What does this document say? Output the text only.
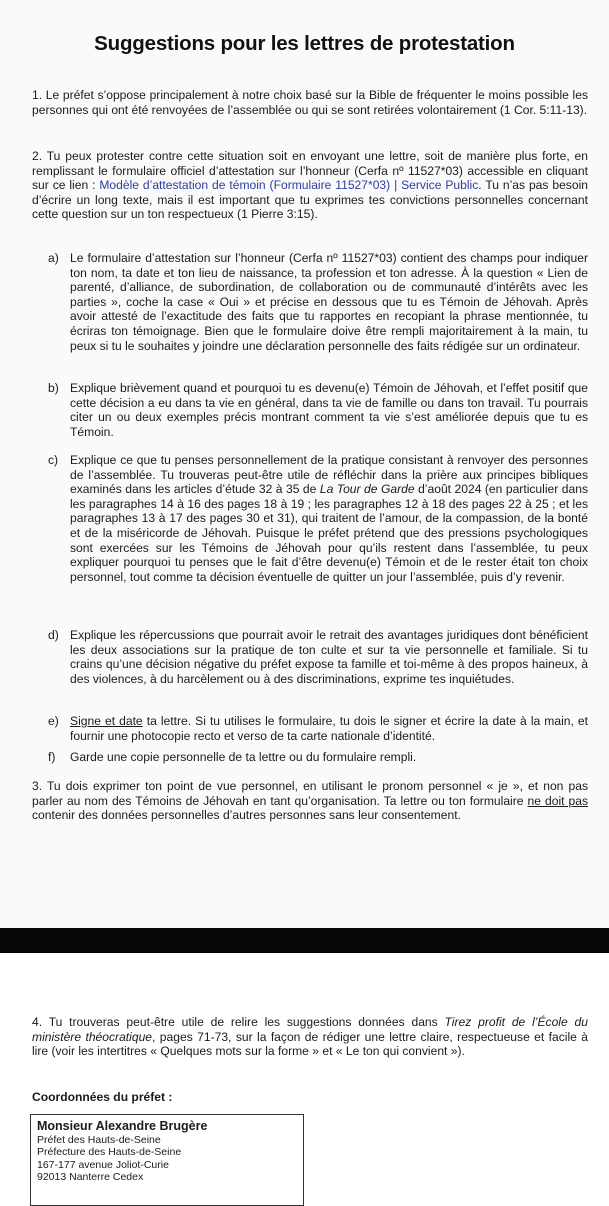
Suggestions pour les lettres de protestation

1. Le préfet s’oppose principalement à notre choix basé sur la Bible de fréquenter le moins possible les personnes qui ont été renvoyées de l’assemblée ou qui se sont retirées volontairement (1 Cor. 5:11-13).

2. Tu peux protester contre cette situation soit en envoyant une lettre, soit de manière plus forte, en remplissant le formulaire officiel d’attestation sur l’honneur (Cerfa nº 11527*03) accessible en cliquant sur ce lien : Modèle d’attestation de témoin (Formulaire 11527*03) | Service Public. Tu n’as pas besoin d’écrire un long texte, mais il est important que tu exprimes tes convictions personnelles concernant cette question sur un ton respectueux (1 Pierre 3:15).

a) Le formulaire d’attestation sur l’honneur (Cerfa nº 11527*03) contient des champs pour indiquer ton nom, ta date et ton lieu de naissance, ta profession et ton adresse. À la question « Lien de parenté, d’alliance, de subordination, de collaboration ou de communauté d’intérêts avec les parties », coche la case « Oui » et précise en dessous que tu es Témoin de Jéhovah. Après avoir attesté de l’exactitude des faits que tu rapportes en recopiant la phrase mentionnée, tu écriras ton témoignage. Bien que le formulaire doive être rempli majoritairement à la main, tu peux si tu le souhaites y joindre une déclaration personnelle des faits rédigée sur un ordinateur.
b) Explique brièvement quand et pourquoi tu es devenu(e) Témoin de Jéhovah, et l’effet positif que cette décision a eu dans ta vie en général, dans ta vie de famille ou dans ton travail. Tu pourrais citer un ou deux exemples précis montrant comment ta vie s’est améliorée depuis que tu es Témoin.
c) Explique ce que tu penses personnellement de la pratique consistant à renvoyer des personnes de l’assemblée. Tu trouveras peut-être utile de réfléchir dans la prière aux principes bibliques examinés dans les articles d’étude 32 à 35 de La Tour de Garde d’août 2024 (en particulier dans les paragraphes 14 à 16 des pages 18 à 19 ; les paragraphes 12 à 18 des pages 22 à 25 ; et les paragraphes 13 à 17 des pages 30 et 31), qui traitent de l’amour, de la compassion, de la bonté et de la miséricorde de Jéhovah. Puisque le préfet prétend que des pressions psychologiques sont exercées sur les Témoins de Jéhovah pour qu’ils restent dans l’assemblée, tu peux expliquer pourquoi tu penses que le fait d’être devenu(e) Témoin et de le rester était ton choix personnel, tout comme ta décision éventuelle de quitter un jour l’assemblée, puis d’y revenir.
d) Explique les répercussions que pourrait avoir le retrait des avantages juridiques dont bénéficient les deux associations sur la pratique de ton culte et sur ta vie personnelle et familiale. Si tu crains qu’une décision négative du préfet expose ta famille et toi-même à des propos haineux, à des violences, à du harcèlement ou à des discriminations, exprime tes inquiétudes.
e) Signe et date ta lettre. Si tu utilises le formulaire, tu dois le signer et écrire la date à la main, et fournir une photocopie recto et verso de ta carte nationale d’identité.
f) Garde une copie personnelle de ta lettre ou du formulaire rempli.

3. Tu dois exprimer ton point de vue personnel, en utilisant le pronom personnel « je », et non pas parler au nom des Témoins de Jéhovah en tant qu’organisation. Ta lettre ou ton formulaire ne doit pas contenir des données personnelles d’autres personnes sans leur consentement.

4. Tu trouveras peut-être utile de relire les suggestions données dans Tirez profit de l’École du ministère théocratique, pages 71-73, sur la façon de rédiger une lettre claire, respectueuse et facile à lire (voir les intertitres « Quelques mots sur la forme » et « Le ton qui convient »).

Coordonnées du préfet :
Monsieur Alexandre Brugère
Préfet des Hauts-de-Seine
Préfecture des Hauts-de-Seine
167-177 avenue Joliot-Curie
92013 Nanterre Cedex
